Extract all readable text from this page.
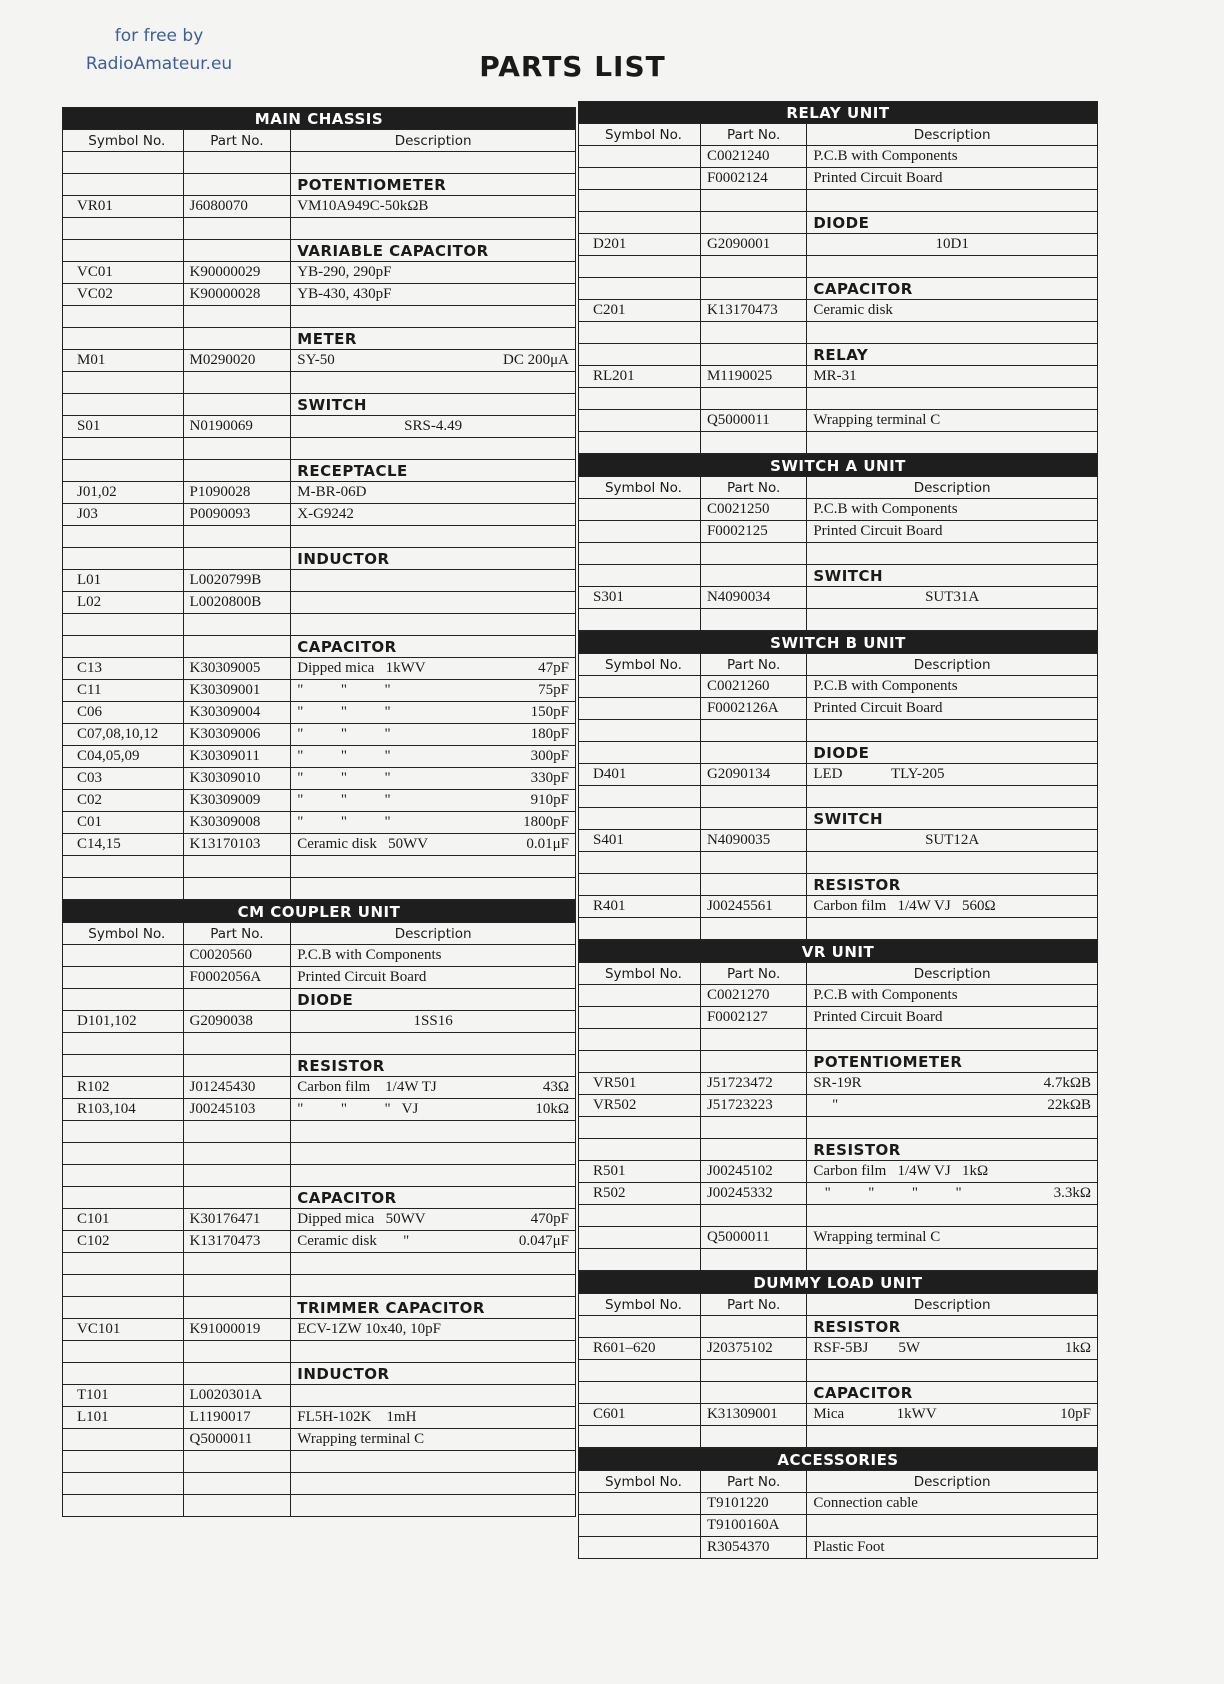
for free by
RadioAmateur.eu	PARTS LIST
MAIN CHASSIS		
Symbol No.	Part No.	Description

		POTENTIOMETER
VR01	J6080070	VM10A949C-50kΩB

		VARIABLE CAPACITOR
VC01	K90000029	YB-290, 290pF
VC02	K90000028	YB-430, 430pF

		METER
M01	M0290020	SY-50 DC 200μA

		SWITCH
S01	N0190069	SRS-4.49

		RECEPTACLE
J01,02	P1090028	M-BR-06D
J03	P0090093	X-G9242

		INDUCTOR
L01	L0020799B	
L02	L0020800B	

		CAPACITOR
C13	K30309005	Dipped mica   1kWV 47pF

C11	K30309001	"          "          " 75pF

C06	K30309004	"          "          " 150pF

C07,08,10,12	K30309006	"          "          " 180pF

C04,05,09	K30309011	"          "          " 300pF

C03	K30309010	"          "          " 330pF

C02	K30309009	"          "          " 910pF

C01	K30309008	"          "          " 1800pF

C14,15	K13170103	Ceramic disk   50WV 0.01μF

CM COUPLER UNIT		
Symbol No.	Part No.	Description
	C0020560	P.C.B with Components
	F0002056A	Printed Circuit Board
		DIODE
D101,102	G2090038	1SS16

		RESISTOR
R102	J01245430	Carbon film    1/4W TJ 43Ω

R103,104	J00245103	"          "          "   VJ 10kΩ

		CAPACITOR
C101	K30176471	Dipped mica   50WV 470pF

C102	K13170473	Ceramic disk       " 0.047μF

		TRIMMER CAPACITOR
VC101	K91000019	ECV-1ZW 10x40, 10pF

		INDUCTOR
T101	L0020301A	
L101	L1190017	FL5H-102K    1mH
	Q5000011	Wrapping terminal C

RELAY UNIT		
Symbol No.	Part No.	Description
	C0021240	P.C.B with Components
	F0002124	Printed Circuit Board

		DIODE
D201	G2090001	10D1

		CAPACITOR
C201	K13170473	Ceramic disk

		RELAY
RL201	M1190025	MR-31

	Q5000011	Wrapping terminal C

SWITCH A UNIT		
Symbol No.	Part No.	Description
	C0021250	P.C.B with Components
	F0002125	Printed Circuit Board

		SWITCH
S301	N4090034	SUT31A

SWITCH B UNIT		
Symbol No.	Part No.	Description
	C0021260	P.C.B with Components
	F0002126A	Printed Circuit Board

		DIODE
D401	G2090134	LED             TLY-205

		SWITCH
S401	N4090035	SUT12A

		RESISTOR
R401	J00245561	Carbon film   1/4W VJ   560Ω

VR UNIT		
Symbol No.	Part No.	Description
	C0021270	P.C.B with Components
	F0002127	Printed Circuit Board

		POTENTIOMETER
VR501	J51723472	SR-19R 4.7kΩB

VR502	J51723223	" 22kΩB

		RESISTOR
R501	J00245102	Carbon film   1/4W VJ   1kΩ
R502	J00245332	"          "          "          " 3.3kΩ

	Q5000011	Wrapping terminal C

DUMMY LOAD UNIT		
Symbol No.	Part No.	Description
		RESISTOR
R601–620	J20375102	RSF-5BJ        5W 1kΩ

		CAPACITOR
C601	K31309001	Mica              1kWV 10pF

ACCESSORIES		
Symbol No.	Part No.	Description
	T9101220	Connection cable
	T9100160A	
	R3054370	Plastic Foot
